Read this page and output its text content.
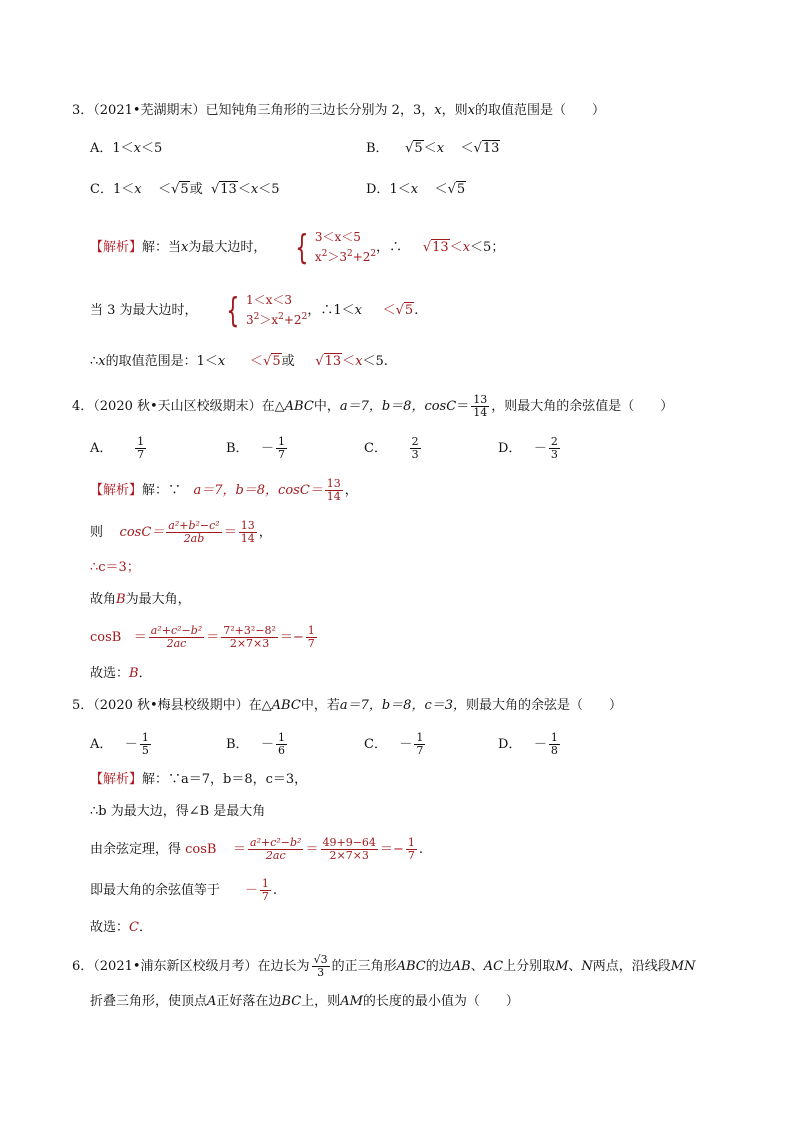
3．（2021•芜湖期末）已知钝角三角形的三边长分别为 2，3，x，则x的取值范围是（　　）
A．1＜x＜5	B． √5＜x ＜√13
C．1＜x ＜√5或 √13＜x＜5	D．1＜x ＜√5
【解析】解：当x为最大边时， { 3＜x＜5
$x^2>3^2+2^2$ ，∴ √13＜x＜5；
当 3 为最大边时， { 1＜x＜3
$3^2>x^2+2^2$ ，∴1＜x ＜√5.
∴x的取值范围是：1＜x ＜√5或 √13＜x＜5.
4．（2020 秋•天山区校级期末）在△ABC中，a＝7，b＝8，$\cos C= \frac{13}{14}$ ，则最大角的余弦值是（　　）
A． $\frac{1}{7}$	B． － $\frac{1}{7}$	C． $\frac{2}{3}$	D． － $\frac{2}{3}$
【解析】解：∵ a＝7，b＝8，$\cos C= \frac{13}{14}$ ，
则 $\cos C= \frac{\text{a²+b²−c²}}{2ab} = \frac{13}{14}$ ，
∴c＝3；
故角B为最大角，
$\cos B = \frac{\text{a²+c²−b²}}{2ac} = \frac{\text{7²+3²−8²}}{2\times 7\times 3} =- \frac{1}{7}$
故选：B．
5．（2020 秋•梅县校级期中）在△ABC中，若a＝7，b＝8，c＝3，则最大角的余弦是（　　）
A． － $\frac{1}{5}$	B． － $\frac{1}{6}$	C． － $\frac{1}{7}$	D． － $\frac{1}{8}$
【解析】解：∵a＝7，b＝8，c＝3，
∴b 为最大边，得∠B 是最大角
由余弦定理，得 $\cos B = \frac{\text{a²+c²−b²}}{2ac} = \frac{49+9-64}{2\times 7\times 3} =- \frac{1}{7}$ .
即最大角的余弦值等于 － $\frac{1}{7}$ .
故选：C．
6．（2021•浦东新区校级月考）在边长为 $\frac{√3}{3}$ 的正三角形ABC的边AB、AC上分别取M、N两点，沿线段MN
折叠三角形，使顶点A正好落在边BC上，则AM的长度的最小值为（　　）
